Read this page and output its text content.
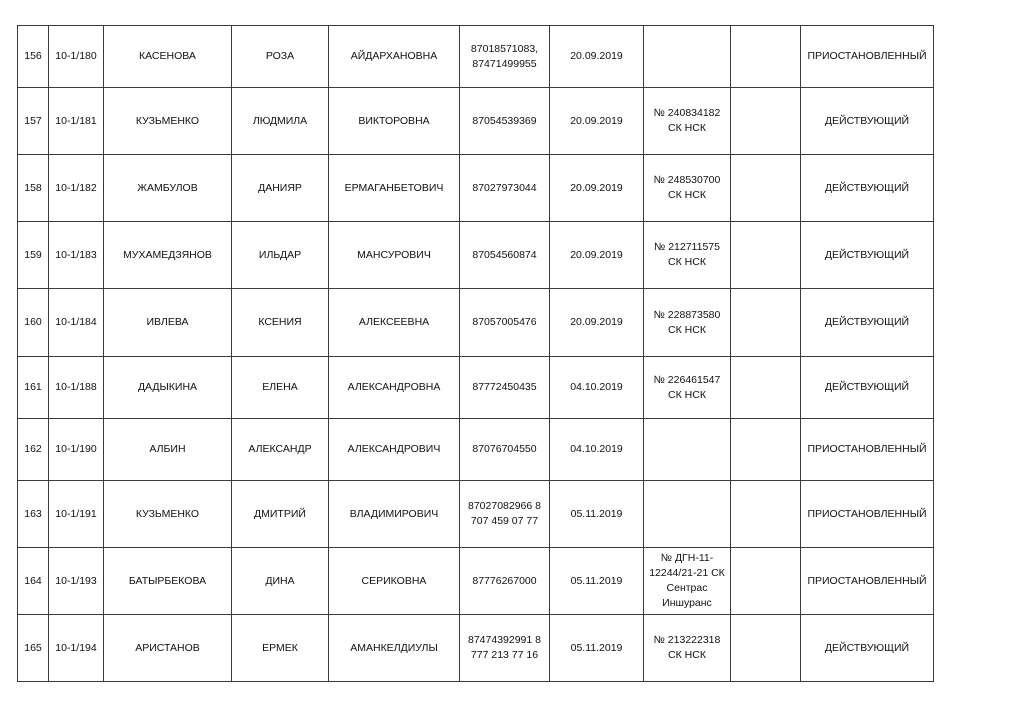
156	10-1/180	КАСЕНОВА	РОЗА	АЙДАРХАНОВНА	87018571083, 87471499955	20.09.2019			ПРИОСТАНОВЛЕННЫЙ
157	10-1/181	КУЗЬМЕНКО	ЛЮДМИЛА	ВИКТОРОВНА	87054539369	20.09.2019	№ 240834182 СК НСК		ДЕЙСТВУЮЩИЙ
158	10-1/182	ЖАМБУЛОВ	ДАНИЯР	ЕРМАГАНБЕТОВИЧ	87027973044	20.09.2019	№ 248530700 СК НСК		ДЕЙСТВУЮЩИЙ
159	10-1/183	МУХАМЕДЗЯНОВ	ИЛЬДАР	МАНСУРОВИЧ	87054560874	20.09.2019	№ 212711575 СК НСК		ДЕЙСТВУЮЩИЙ
160	10-1/184	ИВЛЕВА	КСЕНИЯ	АЛЕКСЕЕВНА	87057005476	20.09.2019	№ 228873580 СК НСК		ДЕЙСТВУЮЩИЙ
161	10-1/188	ДАДЫКИНА	ЕЛЕНА	АЛЕКСАНДРОВНА	87772450435	04.10.2019	№ 226461547 СК НСК		ДЕЙСТВУЮЩИЙ
162	10-1/190	АЛБИН	АЛЕКСАНДР	АЛЕКСАНДРОВИЧ	87076704550	04.10.2019			ПРИОСТАНОВЛЕННЫЙ
163	10-1/191	КУЗЬМЕНКО	ДМИТРИЙ	ВЛАДИМИРОВИЧ	87027082966 8 707 459 07 77	05.11.2019			ПРИОСТАНОВЛЕННЫЙ
164	10-1/193	БАТЫРБЕКОВА	ДИНА	СЕРИКОВНА	87776267000	05.11.2019	№ ДГН-11-12244/21-21 СК Сентрас Иншуранс		ПРИОСТАНОВЛЕННЫЙ
165	10-1/194	АРИСТАНОВ	ЕРМЕК	АМАНКЕЛДИУЛЫ	87474392991 8 777 213 77 16	05.11.2019	№ 213222318 СК НСК		ДЕЙСТВУЮЩИЙ
